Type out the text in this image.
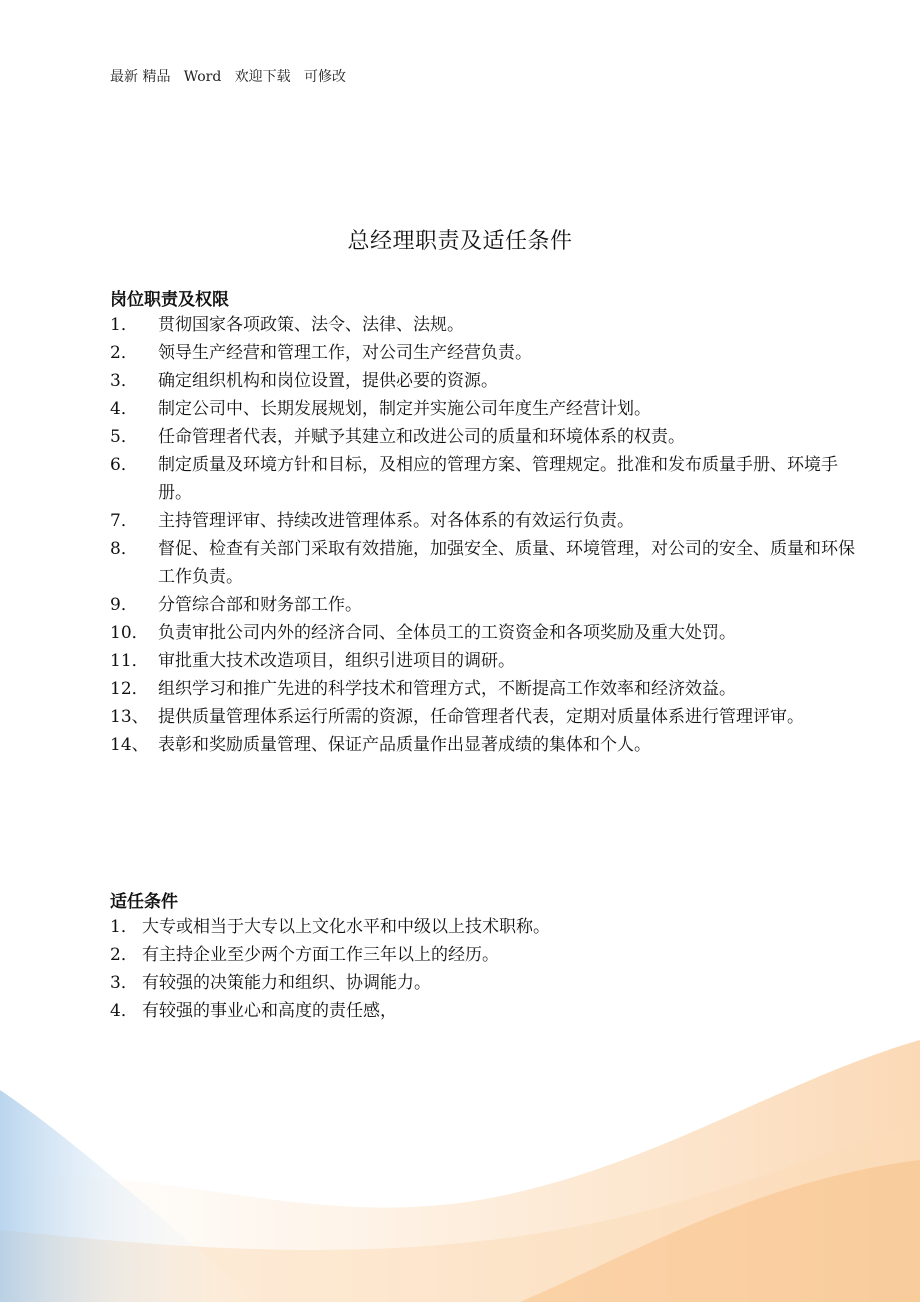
最新 精品   Word   欢迎下载   可修改
总经理职责及适任条件
岗位职责及权限
1． 贯彻国家各项政策、法令、法律、法规。
2． 领导生产经营和管理工作，对公司生产经营负责。
3． 确定组织机构和岗位设置，提供必要的资源。
4． 制定公司中、长期发展规划，制定并实施公司年度生产经营计划。
5． 任命管理者代表，并赋予其建立和改进公司的质量和环境体系的权责。
6． 制定质量及环境方针和目标，及相应的管理方案、管理规定。批准和发布质量手册、环境手册。
7． 主持管理评审、持续改进管理体系。对各体系的有效运行负责。
8． 督促、检查有关部门采取有效措施，加强安全、质量、环境管理，对公司的安全、质量和环保工作负责。
9． 分管综合部和财务部工作。
10． 负责审批公司内外的经济合同、全体员工的工资资金和各项奖励及重大处罚。
11． 审批重大技术改造项目，组织引进项目的调研。
12． 组织学习和推广先进的科学技术和管理方式，不断提高工作效率和经济效益。
13、 提供质量管理体系运行所需的资源，任命管理者代表，定期对质量体系进行管理评审。
14、 表彰和奖励质量管理、保证产品质量作出显著成绩的集体和个人。
适任条件
1． 大专或相当于大专以上文化水平和中级以上技术职称。
2． 有主持企业至少两个方面工作三年以上的经历。
3． 有较强的决策能力和组织、协调能力。
4． 有较强的事业心和高度的责任感，
